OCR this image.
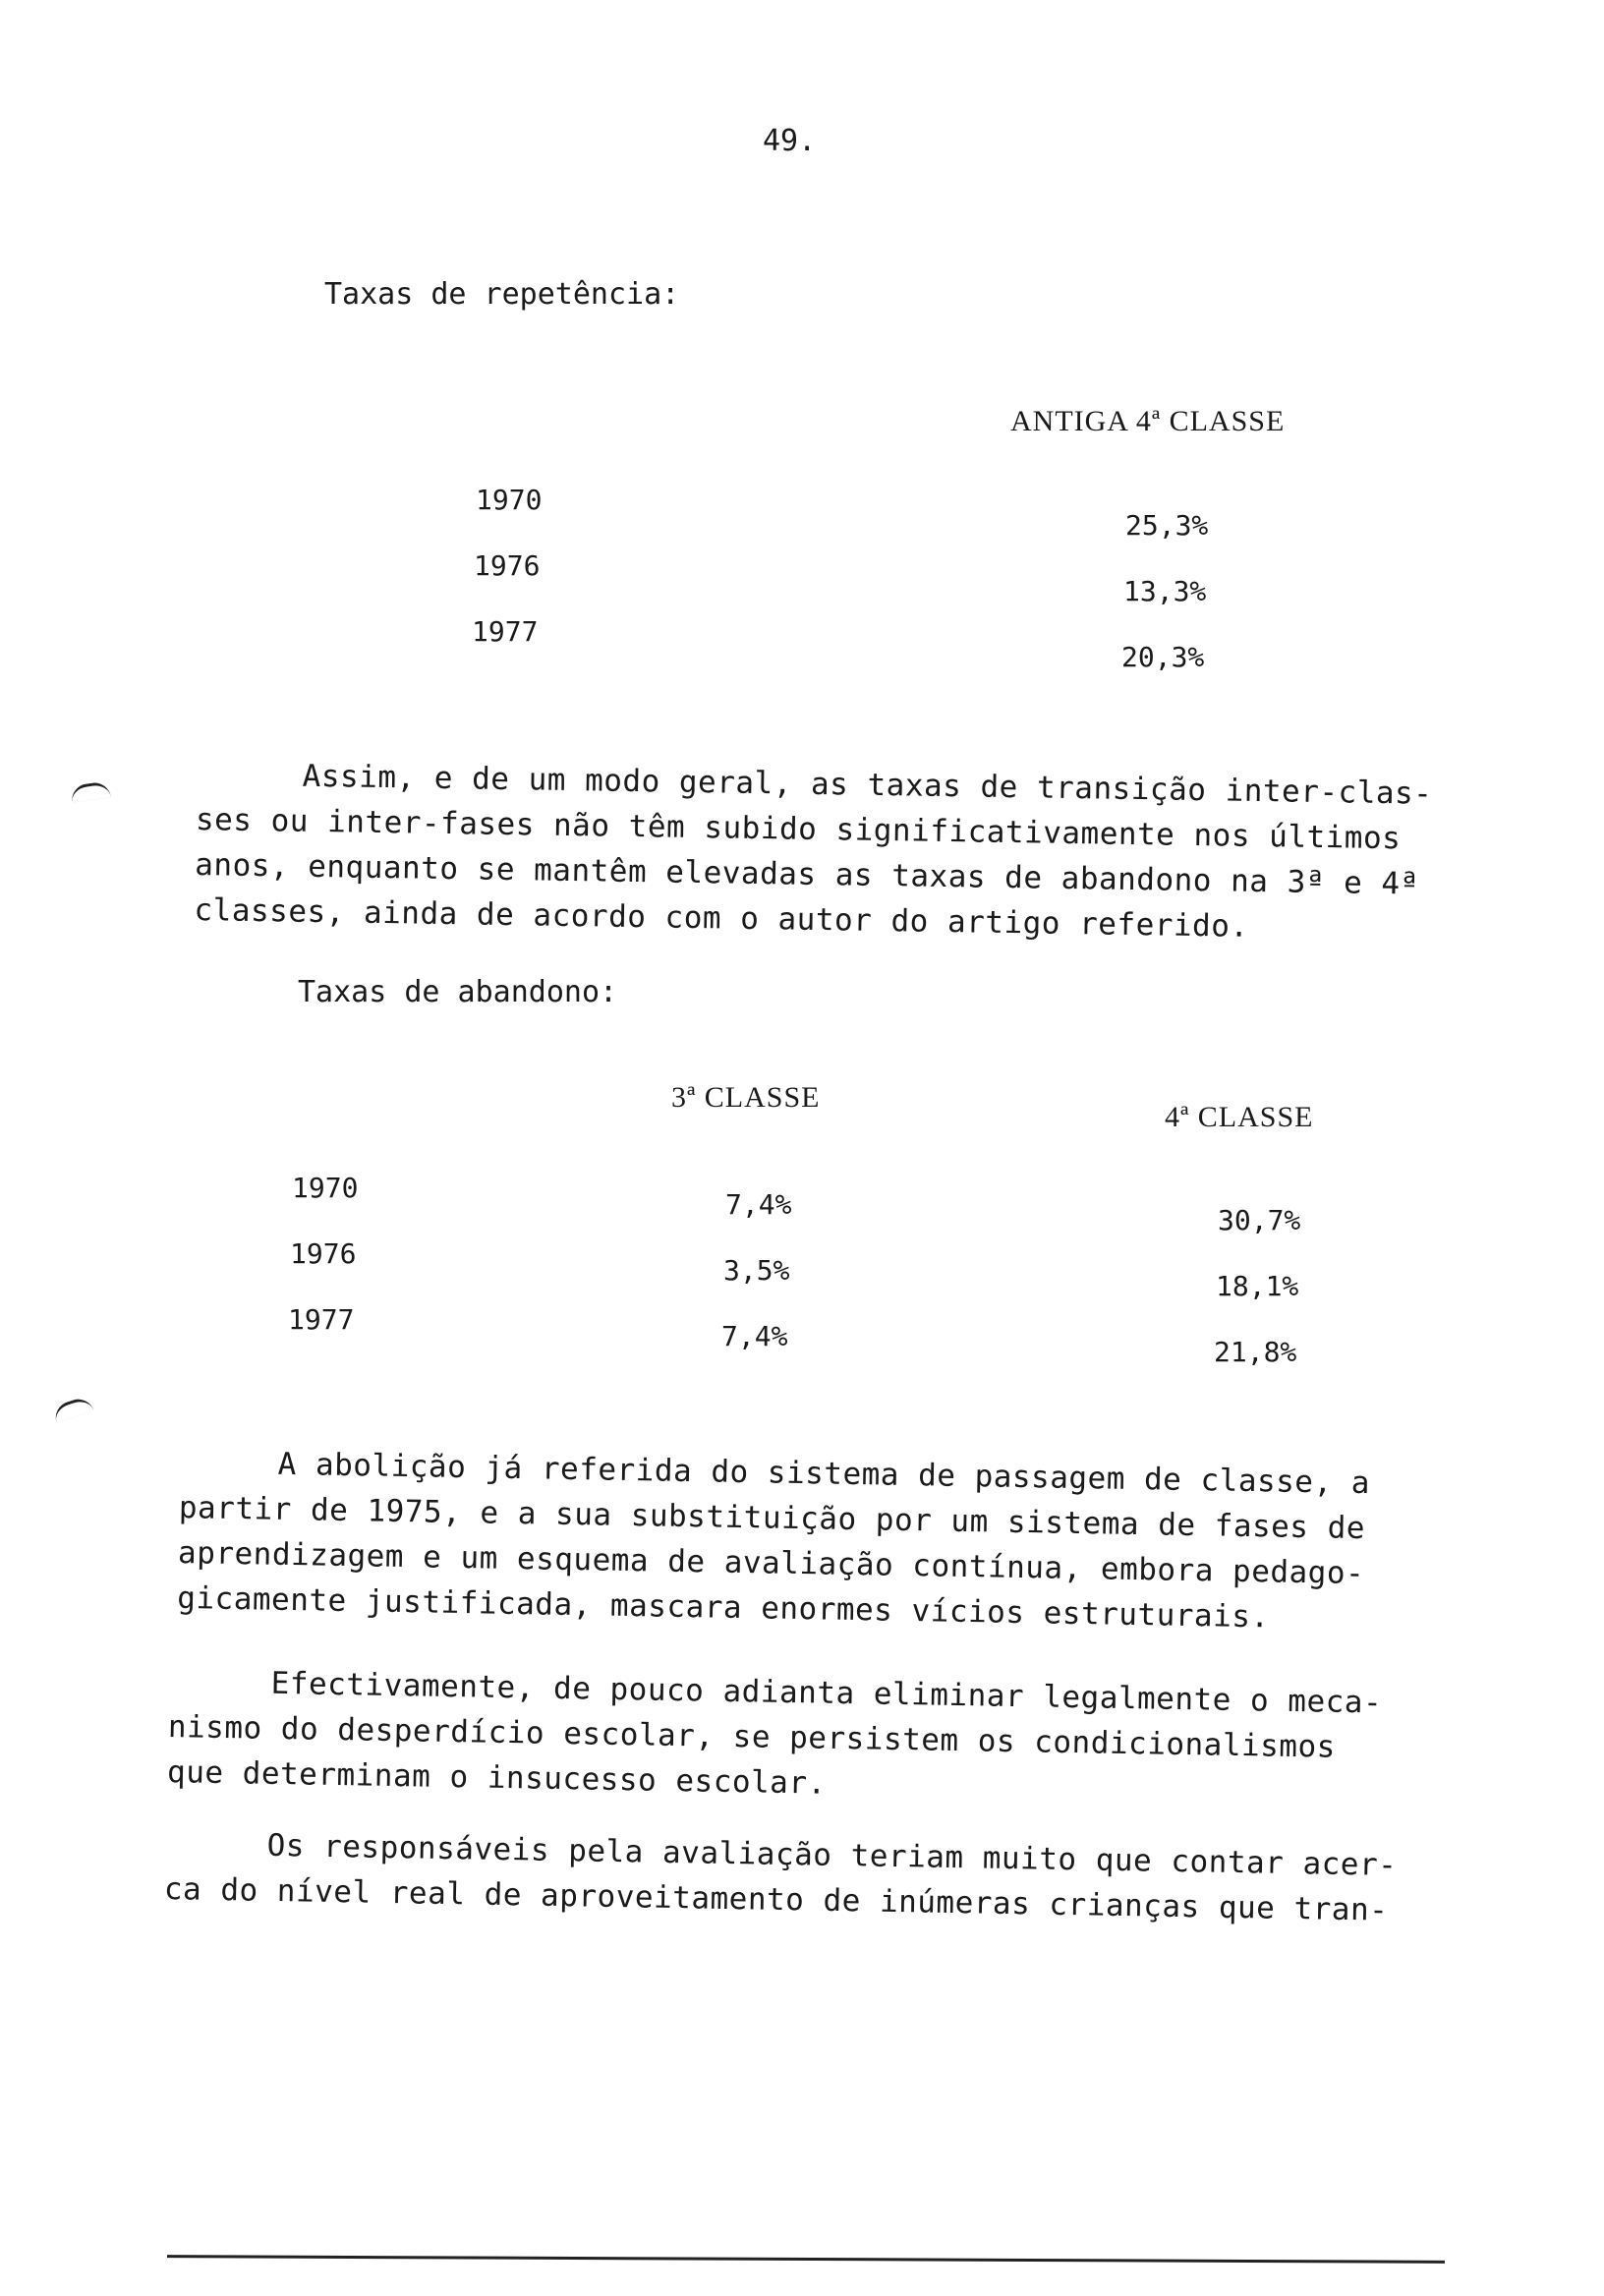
49.
Taxas de repetência:
ANTIGA 4ª CLASSE
1970
1976
1977
25,3%
13,3%
20,3%
Assim, e de um modo geral, as taxas de transição inter-clas-
ses ou inter-fases não têm subido significativamente nos últimos
anos, enquanto se mantêm elevadas as taxas de abandono na 3ª e 4ª
classes, ainda de acordo com o autor do artigo referido.
Taxas de abandono:
3ª CLASSE
4ª CLASSE
1970
1976
1977
7,4%
3,5%
7,4%
30,7%
18,1%
21,8%
A abolição já referida do sistema de passagem de classe, a
partir de 1975, e a sua substituição por um sistema de fases de
aprendizagem e um esquema de avaliação contínua, embora pedago-
gicamente justificada, mascara enormes vícios estruturais.
Efectivamente, de pouco adianta eliminar legalmente o meca-
nismo do desperdício escolar, se persistem os condicionalismos
que determinam o insucesso escolar.
Os responsáveis pela avaliação teriam muito que contar acer-
ca do nível real de aproveitamento de inúmeras crianças que tran-
